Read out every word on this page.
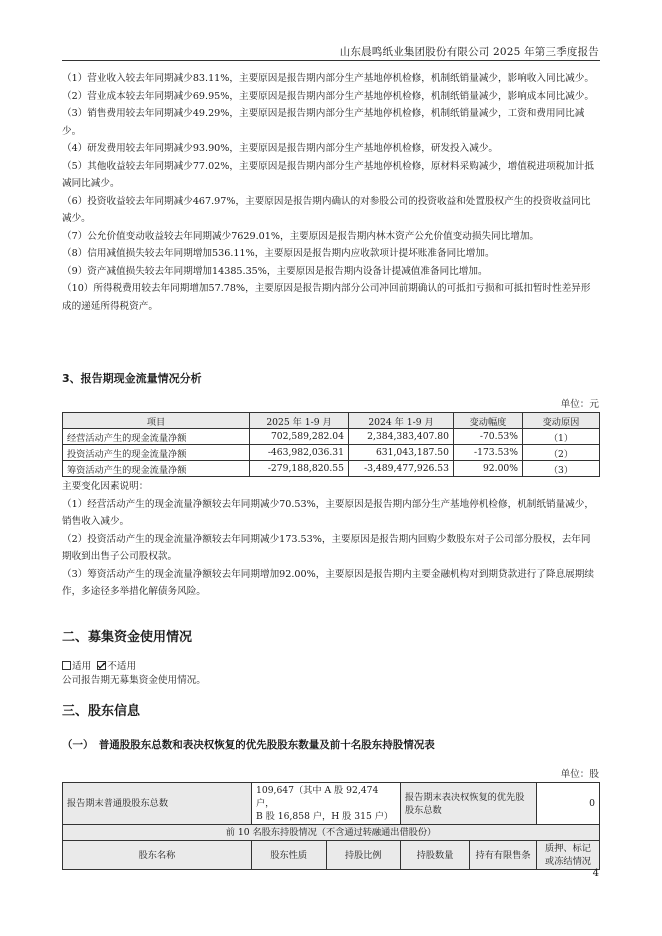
山东晨鸣纸业集团股份有限公司 2025 年第三季度报告

（1）营业收入较去年同期减少83.11%，主要原因是报告期内部分生产基地停机检修，机制纸销量减少，影响收入同比减少。

（2）营业成本较去年同期减少69.95%，主要原因是报告期内部分生产基地停机检修，机制纸销量减少，影响成本同比减少。

（3）销售费用较去年同期减少49.29%，主要原因是报告期内部分生产基地停机检修，机制纸销量减少，工资和费用同比减少。

（4）研发费用较去年同期减少93.90%，主要原因是报告期内部分生产基地停机检修，研发投入减少。

（5）其他收益较去年同期减少77.02%，主要原因是报告期内部分生产基地停机检修，原材料采购减少，增值税进项税加计抵减同比减少。

（6）投资收益较去年同期减少467.97%，主要原因是报告期内确认的对参股公司的投资收益和处置股权产生的投资收益同比减少。

（7）公允价值变动收益较去年同期减少7629.01%，主要原因是报告期内林木资产公允价值变动损失同比增加。

（8）信用减值损失较去年同期增加536.11%，主要原因是报告期内应收款项计提坏账准备同比增加。

（9）资产减值损失较去年同期增加14385.35%，主要原因是报告期内设备计提减值准备同比增加。

（10）所得税费用较去年同期增加57.78%，主要原因是报告期内部分公司冲回前期确认的可抵扣亏损和可抵扣暂时性差异形成的递延所得税资产。

3、报告期现金流量情况分析
单位：元
项目	2025 年 1-9 月	2024 年 1-9 月	变动幅度	变动原因
经营活动产生的现金流量净额	702,589,282.04	2,384,383,407.80	-70.53%	（1）
投资活动产生的现金流量净额	-463,982,036.31	631,043,187.50	-173.53%	（2）
筹资活动产生的现金流量净额	-279,188,820.55	-3,489,477,926.53	92.00%	（3）

主要变化因素说明：

（1）经营活动产生的现金流量净额较去年同期减少70.53%，主要原因是报告期内部分生产基地停机检修，机制纸销量减少，销售收入减少。

（2）投资活动产生的现金流量净额较去年同期减少173.53%，主要原因是报告期内回购少数股东对子公司部分股权，去年同期收到出售子公司股权款。

（3）筹资活动产生的现金流量净额较去年同期增加92.00%，主要原因是报告期内主要金融机构对到期贷款进行了降息展期续作，多途径多举措化解债务风险。

二、募集资金使用情况
适用 不适用

公司报告期无募集资金使用情况。

三、股东信息
（一）　普通股股东总数和表决权恢复的优先股股东数量及前十名股东持股情况表
单位：股
报告期末普通股股东总数	109,647（其中 A 股 92,474 户，
B 股 16,858 户，H 股 315 户）		报告期末表决权恢复的优先股股东总数		0
前 10 名股东持股情况（不含通过转融通出借股份）					
股东名称	股东性质	持股比例	持股数量	持有有限售条	质押、标记或冻结情况
4
